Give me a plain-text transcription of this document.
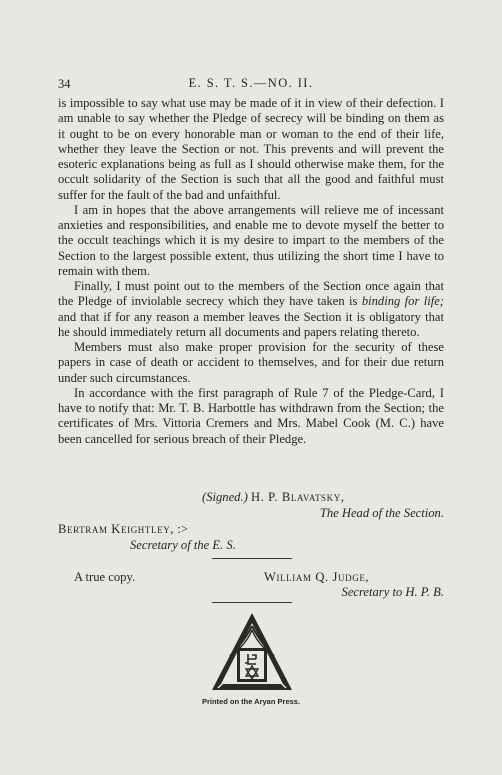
34	E. S. T. S.—NO. II.

is impossible to say what use may be made of it in view of their defection. I am unable to say whether the Pledge of secrecy will be binding on them as it ought to be on every honorable man or woman to the end of their life, whether they leave the Section or not. This prevents and will prevent the esoteric explanations being as full as I should otherwise make them, for the occult solidarity of the Section is such that all the good and faithful must suffer for the fault of the bad and unfaithful.

I am in hopes that the above arrangements will relieve me of incessant anxieties and responsibilities, and enable me to devote myself the better to the occult teachings which it is my desire to impart to the members of the Section to the largest possible extent, thus utilizing the short time I have to remain with them.

Finally, I must point out to the members of the Section once again that the Pledge of inviolable secrecy which they have taken is binding for life; and that if for any reason a member leaves the Section it is obligatory that he should immediately return all documents and papers relating thereto.

Members must also make proper provision for the security of these papers in case of death or accident to themselves, and for their due return under such circumstances.

In accordance with the first paragraph of Rule 7 of the Pledge-Card, I have to notify that: Mr. T. B. Harbottle has withdrawn from the Section; the certificates of Mrs. Vittoria Cremers and Mrs. Mabel Cook (M. C.) have been cancelled for serious breach of their Pledge.

(Signed.) H. P. Blavatsky,
The Head of the Section.
Bertram Keightley, :>
Secretary of the E. S.
A true copy.	William Q. Judge,
Secretary to H. P. B.
Printed on the Aryan Press.
